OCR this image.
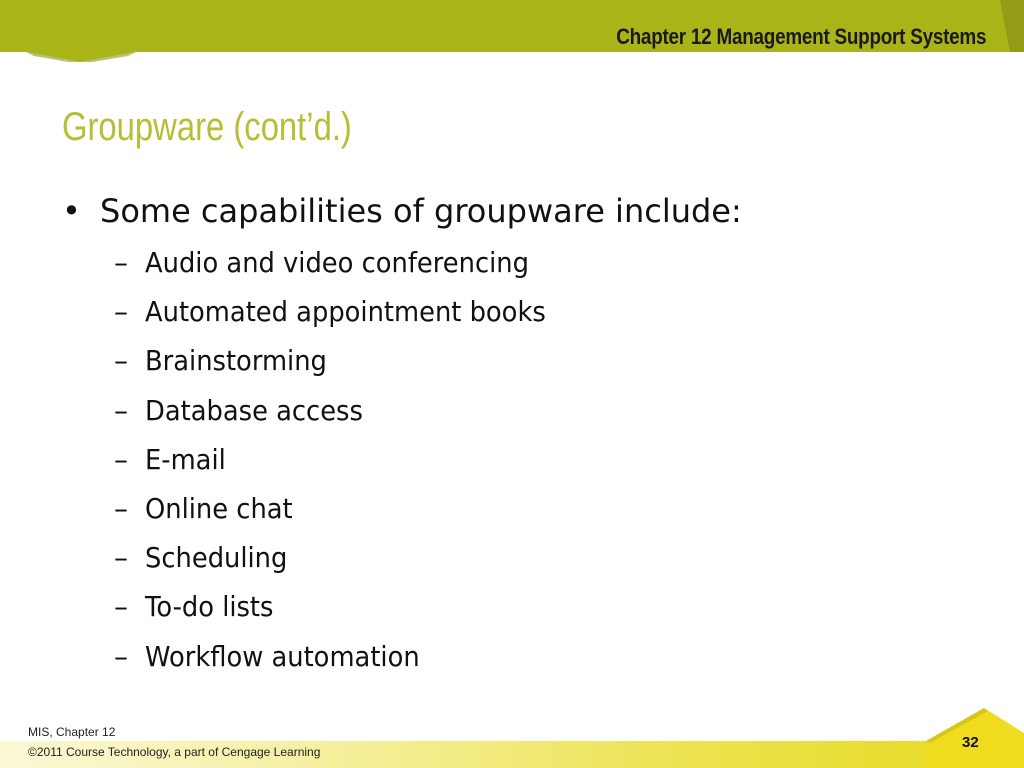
Chapter 12 Management Support Systems
Groupware (cont’d.)
• Some capabilities of groupware include:
– Audio and video conferencing
– Automated appointment books
– Brainstorming
– Database access
– E-mail
– Online chat
– Scheduling
– To-do lists
– Workflow automation
MIS, Chapter 12
©2011 Course Technology, a part of Cengage Learning
32
